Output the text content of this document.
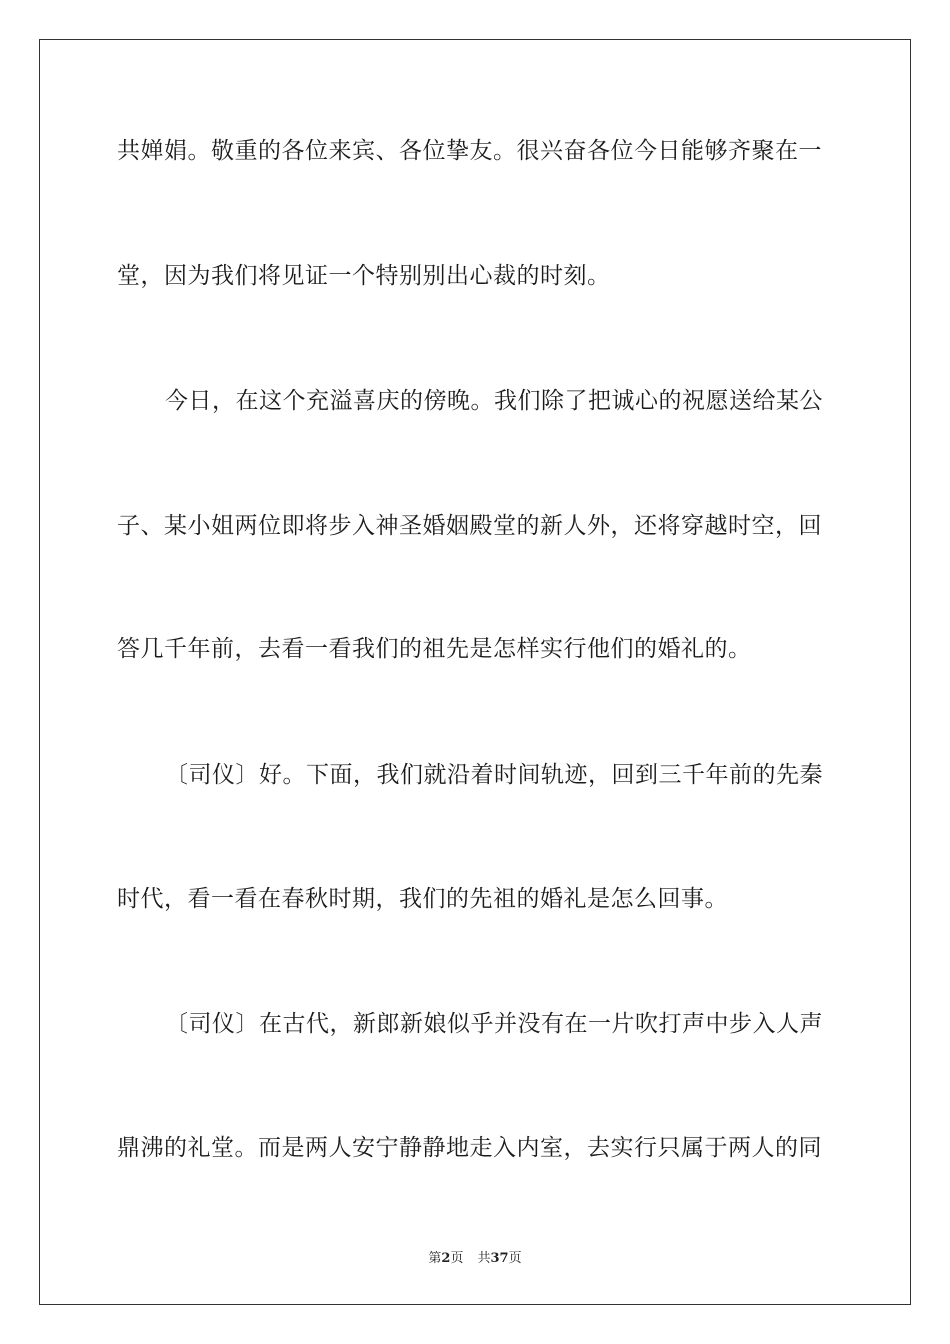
共婵娟。敬重的各位来宾、各位挚友。很兴奋各位今日能够齐聚在一
堂，因为我们将见证一个特别别出心裁的时刻。
今日，在这个充溢喜庆的傍晚。我们除了把诚心的祝愿送给某公
子、某小姐两位即将步入神圣婚姻殿堂的新人外，还将穿越时空，回
答几千年前，去看一看我们的祖先是怎样实行他们的婚礼的。
〔司仪〕好。下面，我们就沿着时间轨迹，回到三千年前的先秦
时代，看一看在春秋时期，我们的先祖的婚礼是怎么回事。
〔司仪〕在古代，新郎新娘似乎并没有在一片吹打声中步入人声
鼎沸的礼堂。而是两人安宁静静地走入内室，去实行只属于两人的同
第2页 共37页
